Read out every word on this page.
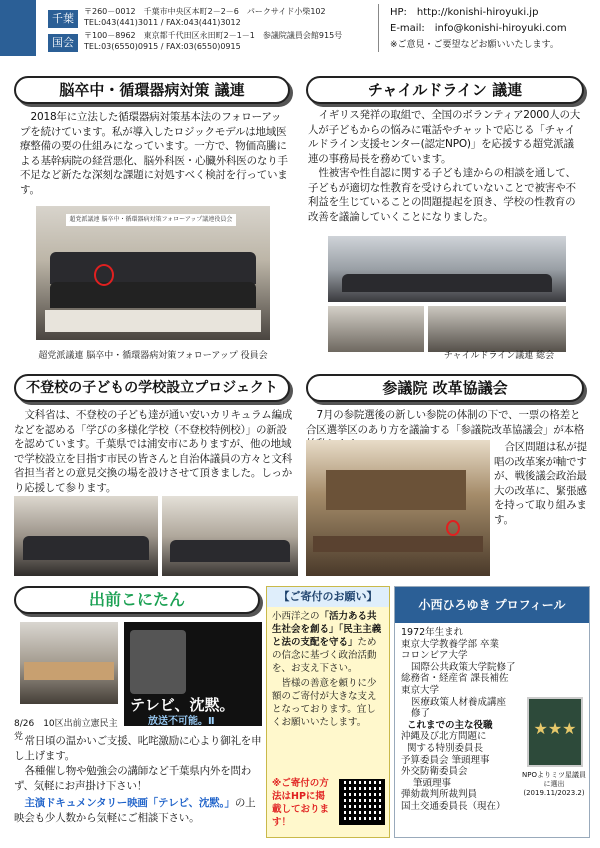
千葉
〒260－0012　千葉市中央区本町2－2－6　パークサイド小柴102
TEL:043(441)3011 / FAX:043(441)3012
国会
〒100－8962　東京都千代田区永田町2－1－1　参議院議員会館915号
TEL:03(6550)0915 / FAX:03(6550)0915
HP:　http://konishi-hiroyuki.jp
E-mail:　info@konishi-hiroyuki.com
※ご意見・ご要望などお願いいたします。
脳卒中・循環器病対策 議連
2018年に立法した循環器病対策基本法のフォローアップを続けています。私が導入したロジックモデルは地域医療整備の要の仕組みになっています。一方で、物価高騰による基幹病院の経営悪化、脳外科医・心臓外科医のなり手不足など新たな深刻な課題に対処すべく検討を行っています。
超党派議連 脳卒中・循環器病対策フォローアップ議連役員会
超党派議連 脳卒中・循環器病対策フォローアップ 役員会
チャイルドライン 議連
イギリス発祥の取組で、全国のボランティア2000人の大人が子どもからの悩みに電話やチャットで応じる「チャイルドライン支援センター(認定NPO)」を応援する超党派議連の事務局長を務めています。
性被害や性自認に関する子ども達からの相談を通して、子どもが適切な性教育を受けられていないことで被害や不利益を生じていることの問題提起を頂き、学校の性教育の改善を議論していくことになりました。
チャイルドライン議連 総会
不登校の子どもの学校設立プロジェクト
文科省は、不登校の子ども達が通い安いカリキュラム編成などを認める「学びの多様化学校（不登校特例校）」の新設を認めています。千葉県では浦安市にありますが、他の地域で学校設立を目指す市民の皆さんと自治体議員の方々と文科省担当者との意見交換の場を設けさせて頂きました。しっかり応援して参ります。
参議院 改革協議会
7月の参院選後の新しい参院の体制の下で、一票の格差と合区選挙区のあり方を議論する「参議院改革協議会」が本格
合区問題は私が提唱の改革案が軸ですが、戦後議会政治最大の改革に、緊張感を持って取り組みます。
出前こにたん
テレビ、沈黙。
放送不可能。Ⅱ
8/26　10区出前立憲民主党 常日頃の温かいご支援、叱咤激励に心より御礼を申し上げます。
各種催し物や勉強会の講師など千葉県内外を問わず、気軽にお声掛け下さい！
主演ドキュメンタリー映画「テレビ、沈黙。」の上映会も少人数から気軽にご相談下さい。
【ご寄付のお願い】
小西洋之の「活力ある共生社会を創る」「民主主義と法の支配を守る」ための信念に基づく政治活動を、お支え下さい。
皆様の善意を頼りに少額のご寄付が大きな支えとなっております。宜しくお願いいたします。
※ご寄付の方法はHPに掲載しております！
小西ひろゆき プロフィール
1972年生まれ
東京大学教養学部 卒業
コロンビア大学
国際公共政策大学院修了
総務省・経産省 課長補佐
東京大学
医療政策人材養成講座
修了
これまでの主な役職
沖縄及び北方問題に
関する特別委員長
予算委員会 筆頭理事
外交防衛委員会
筆頭理事
弾劾裁判所裁判員
国土交通委員長（現在）
★★★
NPOよりミツ星議員に選出 (2019.11/2023.2)
